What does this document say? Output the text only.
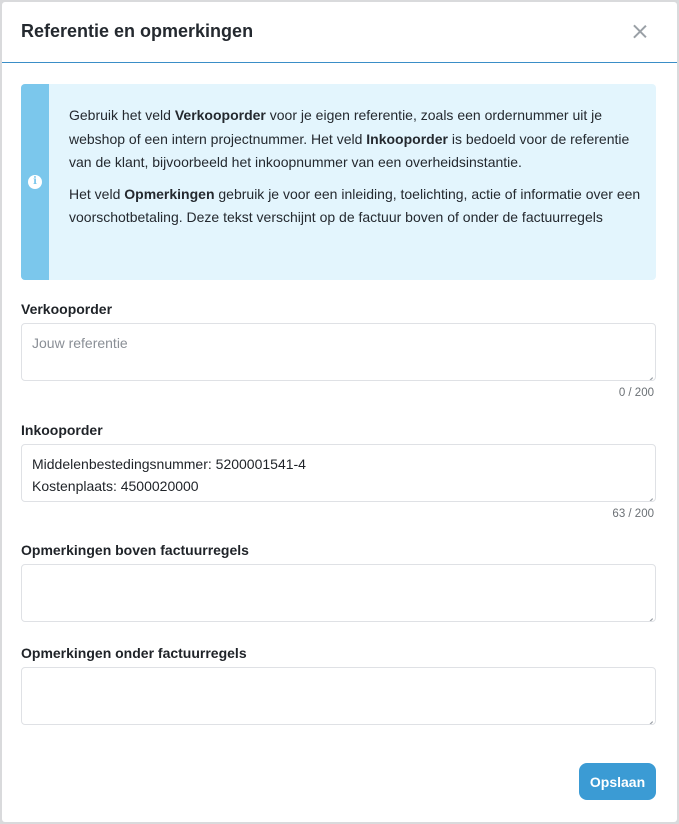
Referentie en opmerkingen
i

Gebruik het veld Verkooporder voor je eigen referentie, zoals een ordernummer uit je webshop of een intern projectnummer. Het veld Inkooporder is bedoeld voor de referentie van de klant, bijvoorbeeld het inkoopnummer van een overheidsinstantie.

Het veld Opmerkingen gebruik je voor een inleiding, toelichting, actie of informatie over een voorschotbetaling. Deze tekst verschijnt op de factuur boven of onder de factuurregels

Verkooporder
Jouw referentie
0 / 200
Inkooporder
Middelenbestedingsnummer: 5200001541-4
Kostenplaats: 4500020000
63 / 200
Opmerkingen boven factuurregels
Opmerkingen onder factuurregels
Opslaan
